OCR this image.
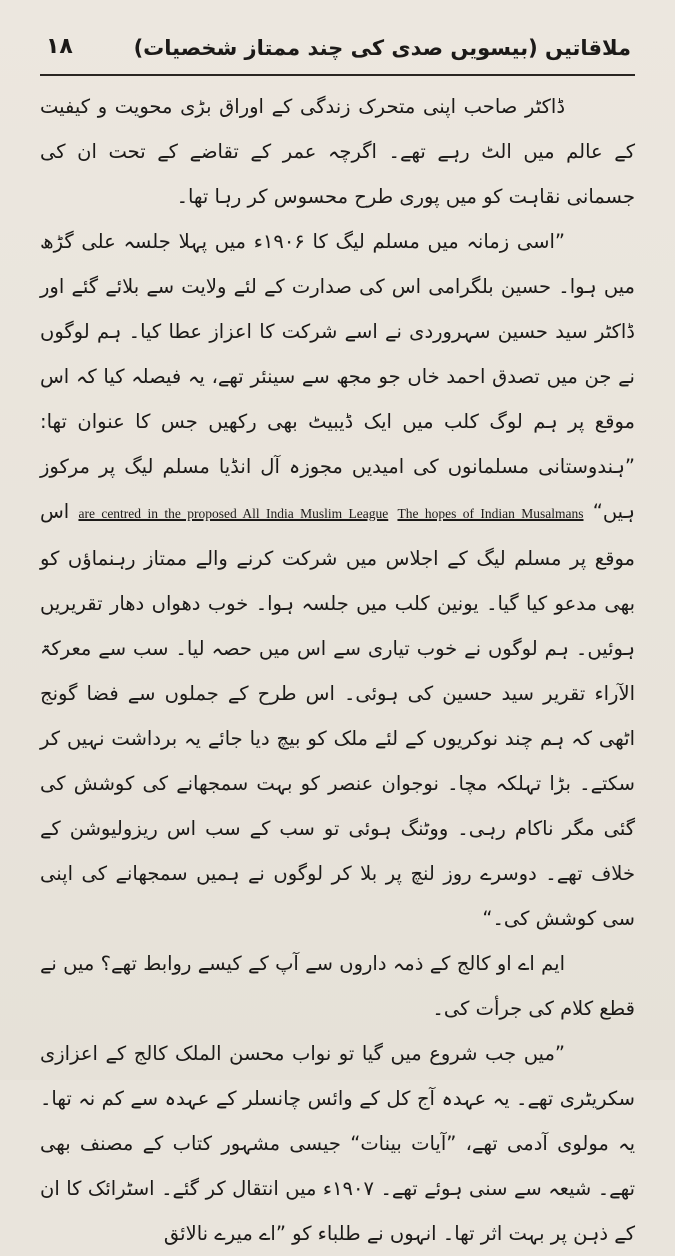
ملاقاتیں (بیسویں صدی کی چند ممتاز شخصیات)
۱۸

ڈاکٹر صاحب اپنی متحرک زندگی کے اوراق بڑی محویت و کیفیت کے عالم میں الٹ رہے تھے۔ اگرچہ عمر کے تقاضے کے تحت ان کی جسمانی نقاہت کو میں پوری طرح محسوس کر رہا تھا۔

”اسی زمانہ میں مسلم لیگ کا ۱۹۰۶ء میں پہلا جلسہ علی گڑھ میں ہوا۔ حسین بلگرامی اس کی صدارت کے لئے ولایت سے بلائے گئے اور ڈاکٹر سید حسین سہروردی نے اسے شرکت کا اعزاز عطا کیا۔ ہم لوگوں نے جن میں تصدق احمد خاں جو مجھ سے سینئر تھے، یہ فیصلہ کیا کہ اس موقع پر ہم لوگ کلب میں ایک ڈیبیٹ بھی رکھیں جس کا عنوان تھا: ”ہندوستانی مسلمانوں کی امیدیں مجوزہ آل انڈیا مسلم لیگ پر مرکوز ہیں“ The hopes of Indian Musalmans are centred in the proposed All India Muslim League اس موقع پر مسلم لیگ کے اجلاس میں شرکت کرنے والے ممتاز رہنماؤں کو بھی مدعو کیا گیا۔ یونین کلب میں جلسہ ہوا۔ خوب دھواں دھار تقریریں ہوئیں۔ ہم لوگوں نے خوب تیاری سے اس میں حصہ لیا۔ سب سے معرکۃ الآراء تقریر سید حسین کی ہوئی۔ اس طرح کے جملوں سے فضا گونج اٹھی کہ ہم چند نوکریوں کے لئے ملک کو بیچ دیا جائے یہ برداشت نہیں کر سکتے۔ بڑا تہلکہ مچا۔ نوجوان عنصر کو بہت سمجھانے کی کوشش کی گئی مگر ناکام رہی۔ ووٹنگ ہوئی تو سب کے سب اس ریزولیوشن کے خلاف تھے۔ دوسرے روز لنچ پر بلا کر لوگوں نے ہمیں سمجھانے کی اپنی سی کوشش کی۔“

ایم اے او کالج کے ذمہ داروں سے آپ کے کیسے روابط تھے؟ میں نے قطع کلام کی جرأت کی۔

”میں جب شروع میں گیا تو نواب محسن الملک کالج کے اعزازی سکریٹری تھے۔ یہ عہدہ آج کل کے وائس چانسلر کے عہدہ سے کم نہ تھا۔ یہ مولوی آدمی تھے، ”آیات بینات“ جیسی مشہور کتاب کے مصنف بھی تھے۔ شیعہ سے سنی ہوئے تھے۔ ۱۹۰۷ء میں انتقال کر گئے۔ اسٹرائک کا ان کے ذہن پر بہت اثر تھا۔ انہوں نے طلباء کو ”اے میرے نالائق
